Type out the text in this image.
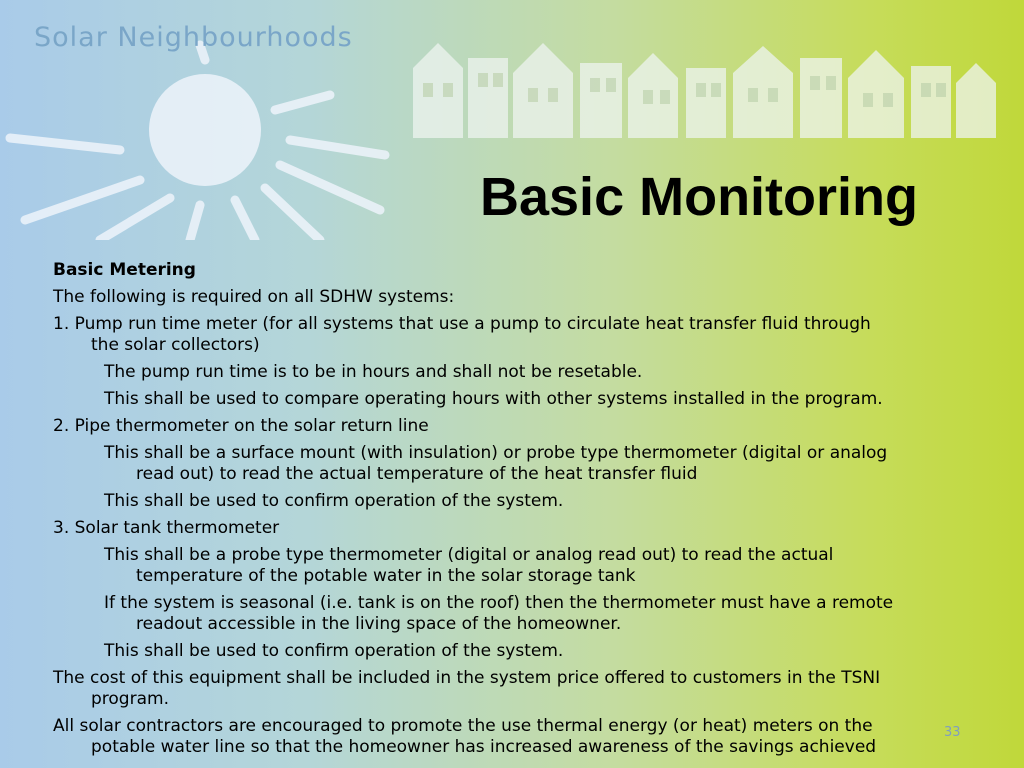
Solar Neighbourhoods
Basic Monitoring
Basic Metering
The following is required on all SDHW systems:
1. Pump run time meter (for all systems that use a pump to circulate heat transfer fluid through
the solar collectors)
The pump run time is to be in hours and shall not be resetable.
This shall be used to compare operating hours with other systems installed in the program.
2. Pipe thermometer on the solar return line
This shall be a surface mount (with insulation) or probe type thermometer (digital or analog
read out) to read the actual temperature of the heat transfer fluid
This shall be used to confirm operation of the system.
3. Solar tank thermometer
This shall be a probe type thermometer (digital or analog read out) to read the actual
temperature of the potable water in the solar storage tank
If the system is seasonal (i.e. tank is on the roof) then the thermometer must have a remote
readout accessible in the living space of the homeowner.
This shall be used to confirm operation of the system.
The cost of this equipment shall be included in the system price offered to customers in the TSNI
program.
All solar contractors are encouraged to promote the use thermal energy (or heat) meters on the
potable water line so that the homeowner has increased awareness of the savings achieved
33
